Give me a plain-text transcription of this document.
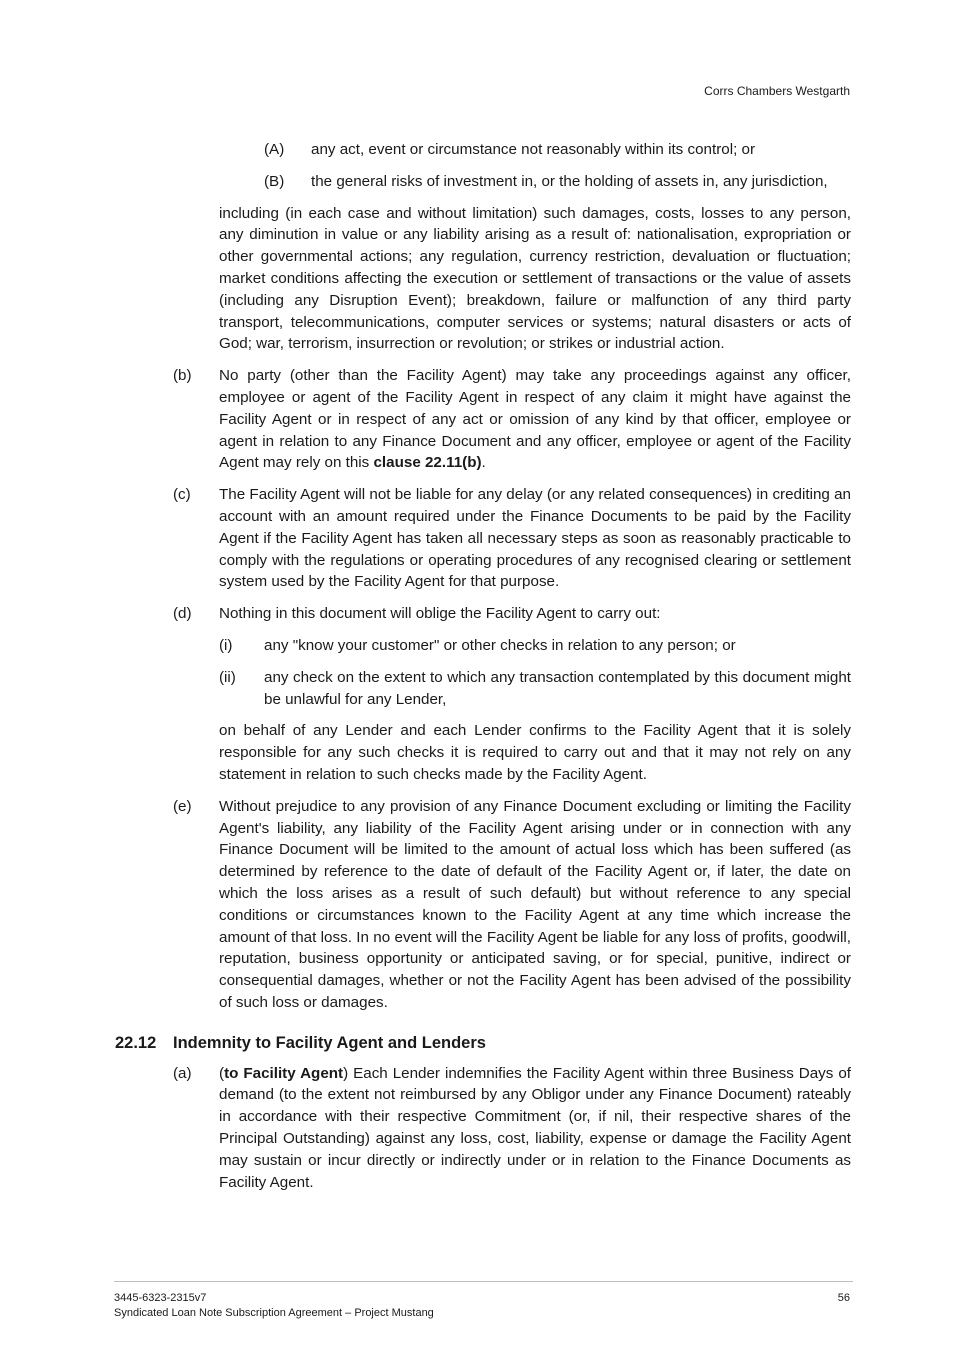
Corrs Chambers Westgarth
(A) any act, event or circumstance not reasonably within its control; or
(B) the general risks of investment in, or the holding of assets in, any jurisdiction,
including (in each case and without limitation) such damages, costs, losses to any person, any diminution in value or any liability arising as a result of: nationalisation, expropriation or other governmental actions; any regulation, currency restriction, devaluation or fluctuation; market conditions affecting the execution or settlement of transactions or the value of assets (including any Disruption Event); breakdown, failure or malfunction of any third party transport, telecommunications, computer services or systems; natural disasters or acts of God; war, terrorism, insurrection or revolution; or strikes or industrial action.
(b) No party (other than the Facility Agent) may take any proceedings against any officer, employee or agent of the Facility Agent in respect of any claim it might have against the Facility Agent or in respect of any act or omission of any kind by that officer, employee or agent in relation to any Finance Document and any officer, employee or agent of the Facility Agent may rely on this clause 22.11(b).
(c) The Facility Agent will not be liable for any delay (or any related consequences) in crediting an account with an amount required under the Finance Documents to be paid by the Facility Agent if the Facility Agent has taken all necessary steps as soon as reasonably practicable to comply with the regulations or operating procedures of any recognised clearing or settlement system used by the Facility Agent for that purpose.
(d) Nothing in this document will oblige the Facility Agent to carry out:
(i) any "know your customer" or other checks in relation to any person; or
(ii) any check on the extent to which any transaction contemplated by this document might be unlawful for any Lender,
on behalf of any Lender and each Lender confirms to the Facility Agent that it is solely responsible for any such checks it is required to carry out and that it may not rely on any statement in relation to such checks made by the Facility Agent.
(e) Without prejudice to any provision of any Finance Document excluding or limiting the Facility Agent's liability, any liability of the Facility Agent arising under or in connection with any Finance Document will be limited to the amount of actual loss which has been suffered (as determined by reference to the date of default of the Facility Agent or, if later, the date on which the loss arises as a result of such default) but without reference to any special conditions or circumstances known to the Facility Agent at any time which increase the amount of that loss. In no event will the Facility Agent be liable for any loss of profits, goodwill, reputation, business opportunity or anticipated saving, or for special, punitive, indirect or consequential damages, whether or not the Facility Agent has been advised of the possibility of such loss or damages.
22.12 Indemnity to Facility Agent and Lenders
(a) (to Facility Agent) Each Lender indemnifies the Facility Agent within three Business Days of demand (to the extent not reimbursed by any Obligor under any Finance Document) rateably in accordance with their respective Commitment (or, if nil, their respective shares of the Principal Outstanding) against any loss, cost, liability, expense or damage the Facility Agent may sustain or incur directly or indirectly under or in relation to the Finance Documents as Facility Agent.
3445-6323-2315v7
Syndicated Loan Note Subscription Agreement – Project Mustang
56
